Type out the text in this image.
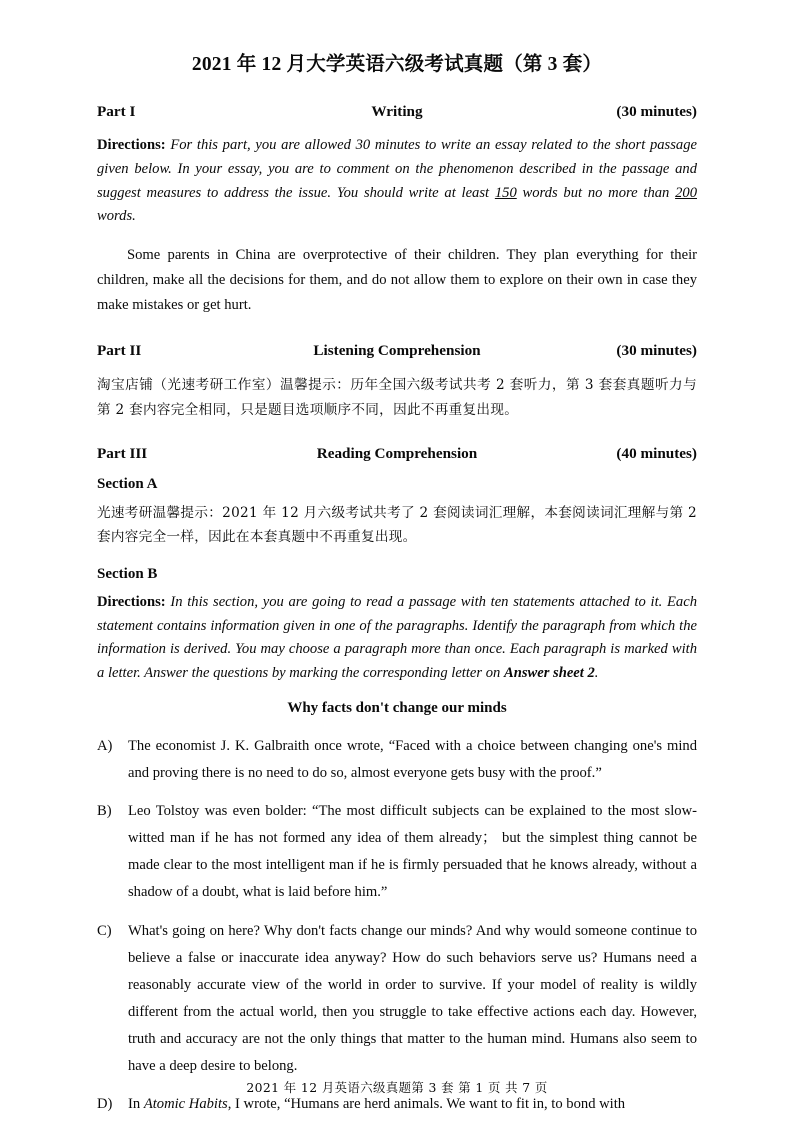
2021 年 12 月大学英语六级考试真题（第 3 套）
Part I	Writing	(30 minutes)

Directions: For this part, you are allowed 30 minutes to write an essay related to the short passage given below. In your essay, you are to comment on the phenomenon described in the passage and suggest measures to address the issue. You should write at least 150 words but no more than 200 words.

Some parents in China are overprotective of their children. They plan everything for their children, make all the decisions for them, and do not allow them to explore on their own in case they make mistakes or get hurt.

Part II	Listening Comprehension	(30 minutes)

淘宝店铺（光速考研工作室）温馨提示：历年全国六级考试共考 2 套听力，第 3 套套真题听力与第 2 套内容完全相同，只是题目选项顺序不同，因此不再重复出现。

Part III	Reading Comprehension	(40 minutes)
Section A

光速考研温馨提示：2021 年 12 月六级考试共考了 2 套阅读词汇理解，本套阅读词汇理解与第 2 套内容完全一样，因此在本套真题中不再重复出现。

Section B

Directions: In this section, you are going to read a passage with ten statements attached to it. Each statement contains information given in one of the paragraphs. Identify the paragraph from which the information is derived. You may choose a paragraph more than once. Each paragraph is marked with a letter. Answer the questions by marking the corresponding letter on Answer sheet 2.

Why facts don't change our minds
A)	The economist J. K. Galbraith once wrote, “Faced with a choice between changing one's mind and proving there is no need to do so, almost everyone gets busy with the proof.”
B)	Leo Tolstoy was even bolder: “The most difficult subjects can be explained to the most slow-witted man if he has not formed any idea of them already； but the simplest thing cannot be made clear to the most intelligent man if he is firmly persuaded that he knows already, without a shadow of a doubt, what is laid before him.”
C)	What's going on here? Why don't facts change our minds? And why would someone continue to believe a false or inaccurate idea anyway? How do such behaviors serve us? Humans need a reasonably accurate view of the world in order to survive. If your model of reality is wildly different from the actual world, then you struggle to take effective actions each day. However, truth and accuracy are not the only things that matter to the human mind. Humans also seem to have a deep desire to belong.
D)	In Atomic Habits, I wrote, “Humans are herd animals. We want to fit in, to bond with
2021 年 12 月英语六级真题第 3 套 第 1 页 共 7 页
